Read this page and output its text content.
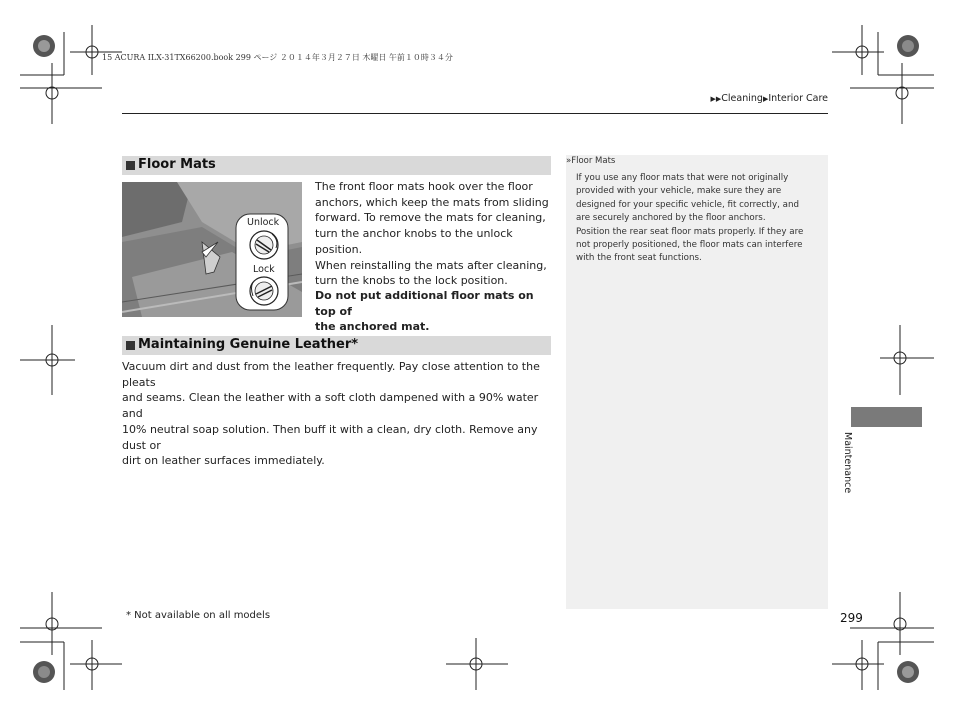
15 ACURA ILX-31TX66200.book 299 ページ ２０１４年３月２７日 木曜日 午前１０時３４分
▶▶Cleaning▶Interior Care
Floor Mats
Unlock
Lock
The front floor mats hook over the floor
anchors, which keep the mats from sliding
forward. To remove the mats for cleaning,
turn the anchor knobs to the unlock position.
When reinstalling the mats after cleaning,
turn the knobs to the lock position.
Do not put additional floor mats on top of
the anchored mat.
Maintaining Genuine Leather*
Vacuum dirt and dust from the leather frequently. Pay close attention to the pleats
and seams. Clean the leather with a soft cloth dampened with a 90% water and
10% neutral soap solution. Then buff it with a clean, dry cloth. Remove any dust or
dirt on leather surfaces immediately.
»Floor Mats
If you use any floor mats that were not originally
provided with your vehicle, make sure they are
designed for your specific vehicle, fit correctly, and
are securely anchored by the floor anchors.
Position the rear seat floor mats properly. If they are
not properly positioned, the floor mats can interfere
with the front seat functions.
Maintenance
* Not available on all models	299
